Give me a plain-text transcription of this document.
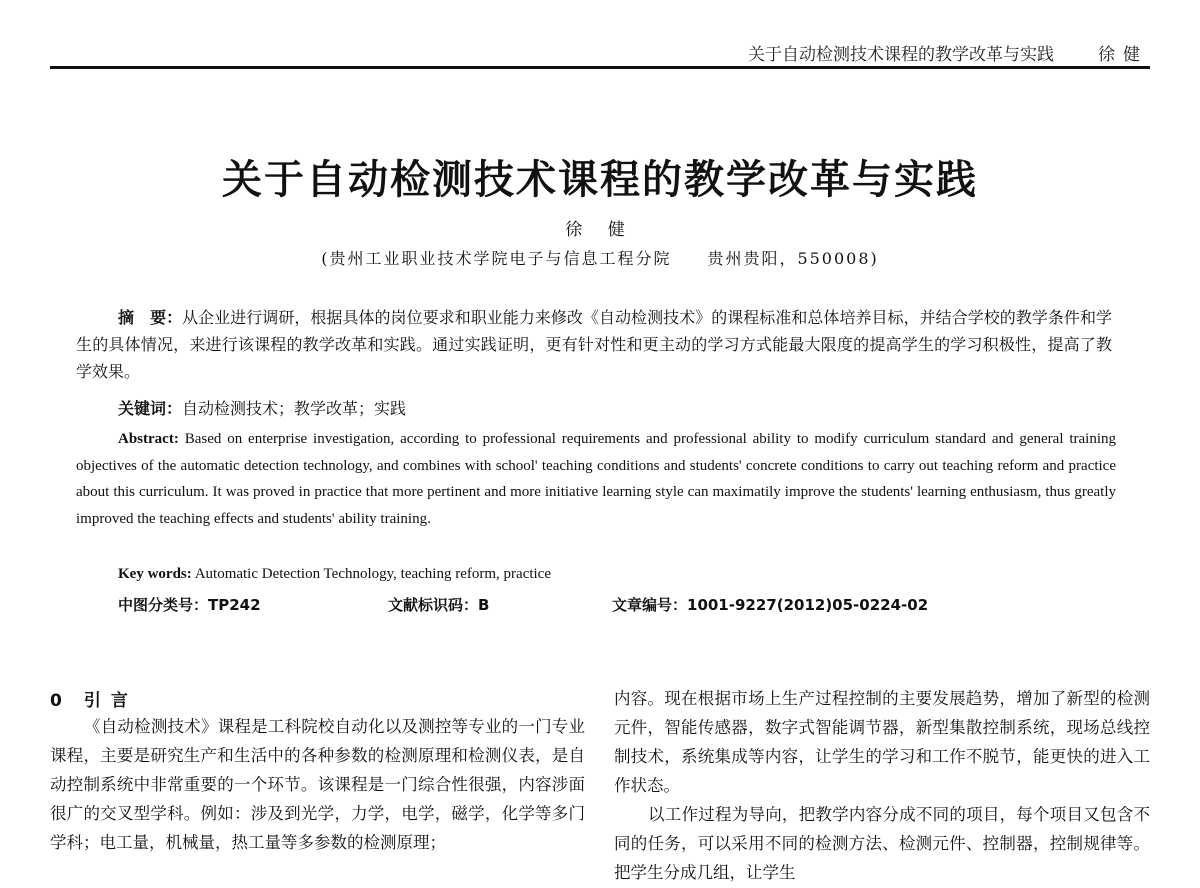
关于自动检测技术课程的教学改革与实践	徐健
关于自动检测技术课程的教学改革与实践
徐 健
(贵州工业职业技术学院电子与信息工程分院　　贵州贵阳，550008)
摘　要：从企业进行调研，根据具体的岗位要求和职业能力来修改《自动检测技术》的课程标准和总体培养目标，并结合学校的教学条件和学生的具体情况，来进行该课程的教学改革和实践。通过实践证明，更有针对性和更主动的学习方式能最大限度的提高学生的学习积极性，提高了教学效果。
关键词：自动检测技术；教学改革；实践
Abstract: Based on enterprise investigation, according to professional requirements and professional ability to modify curriculum standard and general training objectives of the automatic detection technology, and combines with school' teaching conditions and students' concrete conditions to carry out teaching reform and practice about this curriculum. It was proved in practice that more pertinent and more initiative learning style can maximatily improve the students' learning enthusiasm, thus greatly improved the teaching effects and students' ability training.
Key words: Automatic Detection Technology, teaching reform, practice
中图分类号：TP242	文献标识码：B	文章编号：1001-9227(2012)05-0224-02
0 引言

《自动检测技术》课程是工科院校自动化以及测控等专业的一门专业课程，主要是研究生产和生活中的各种参数的检测原理和检测仪表，是自动控制系统中非常重要的一个环节。该课程是一门综合性很强，内容涉面很广的交叉型学科。例如：涉及到光学，力学，电学，磁学，化学等多门学科；电工量，机械量，热工量等多参数的检测原理；

内容。现在根据市场上生产过程控制的主要发展趋势，增加了新型的检测元件，智能传感器，数字式智能调节器，新型集散控制系统，现场总线控制技术，系统集成等内容，让学生的学习和工作不脱节，能更快的进入工作状态。

以工作过程为导向，把教学内容分成不同的项目，每个项目又包含不同的任务，可以采用不同的检测方法、检测元件、控制器，控制规律等。把学生分成几组，让学生
